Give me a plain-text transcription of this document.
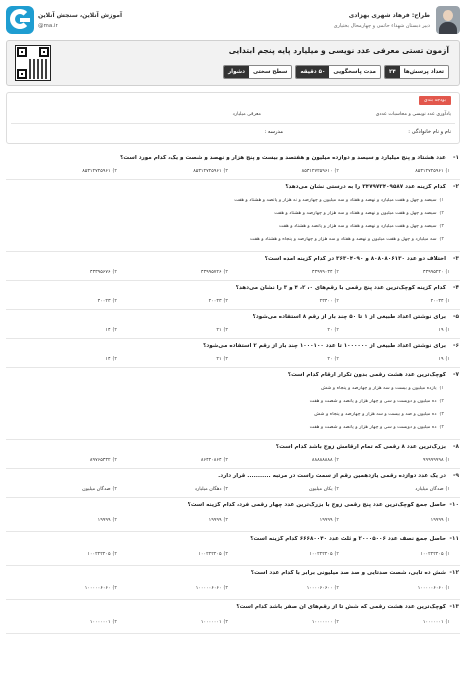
آموزش آنلاین، سنجش آنلاین
@ma.ir
طراح: فرهاد شهری بهزادی
دبیر دبستان شهداء حاتمی و چهارمحال بختیاری
آزمون تستی معرفی عدد نویسی و میلیارد پایه پنجم ابتدایی
تعداد پرسش‌ها
۲۴
مدت پاسخگویی
۵۰ دقیقه
سطح سختی
دشوار
بودجه بندی
یادآوری عدد نویسی و محاسبات عددی
معرفی میلیارد
نام و نام خانوادگی :
مدرسه :
۱-
عدد هشتاد و پنج میلیارد و سیصد و دوازده میلیون و هفتصد و بیست و پنج هزار و نهصد و شصت و یک، کدام مورد است؟
۱)۸۵۳۱۲۷۲۵۹۶۱
۲)۸۵۳۱۲۷۲۵۹۶۱۰
۳)۸۵۳۱۲۷۲۵۹۶۱
۴)۸۵۳۱۲۷۲۵۹۶۱
۲-
کدام گزینه عدد ۳۴۷۹۷۳۴۰۹۵۸۷ را به درستی نشان می‌دهد؟
۱)سیصد و چهل و هفت میلیارد و نهصد و هفتاد و سه میلیون و چهارصد و نه هزار و پانصد و هشتاد و هفت
۲)سیصد و چهل و هفت میلیون و نهصد و هفتاد و سه هزار و چهارصد و هشتاد و هفت
۳)سیصد و چهل و هفت میلیارد و نهصد و هفتاد و سه هزار و پانصد و هشتاد و هفت
۴)سه میلیارد و چهل و هفت میلیون و نهصد و هفتاد و سه هزار و چهارصد و پنجاه و هشتاد و هفت
۳-
اختلاف دو عدد ۸۰۸۰۸۰۶۱۳۰ و ۳۶۳۰۴۰۹۰ در کدام گزینه آمده است؟
۱)۴۳۹۹۵۲۴۰
۲)۴۳۹۹۹۰۳۴
۳)۴۳۹۹۵۷۲۶
۴)۴۳۳۹۵۶۷۶
۴-
کدام گزینه کوچک‌ترین عدد پنج رقمی با رقم‌های ۰، ۲، ۴ و ۳ را نشان می‌دهد؟
۱)۲۰۰۳۴
۲)۲۳۴۰۰
۳)۲۰۰۴۳
۴)۴۰۰۲۳
۵-
برای نوشتن اعداد طبیعی از ۱ تا ۵۰ چند بار از رقم ۸ استفاده می‌شود؟
۱)۱۹
۲)۲۰
۳)۲۱
۴)۱۴
۶-
برای نوشتن اعداد طبیعی از ۱۰۰۰۰۰۰ تا عدد ۱۰۰۰۱۰۰ چند بار از رقم ۲ استفاده می‌شود؟
۱)۱۹
۲)۲۰
۳)۲۱
۴)۱۴
۷-
کوچک‌ترین عدد هشت رقمی بدون تکرار ارقام کدام است؟
۱)یازده میلیون و بیست و سه هزار و چهارصد و پنجاه و شش
۲)ده میلیون و دویست و سی و چهار هزار و پانصد و شصت و هفت
۳)ده میلیون و صد و بیست و سه هزار و چهارصد و پنجاه و شش
۴)ده میلیون و دویست و سی و چهار هزار و پانصد و شصت و هفت
۸-
بزرگ‌ترین عدد ۸ رقمی که تمام ارقامش زوج باشد کدام است؟
۱)۹۹۹۹۹۹۹۸
۲)۸۸۸۸۸۸۸۸
۳)۸۶۴۲۰۸۶۴
۴)۸۹۷۶۵۴۳۲
۹-
در یک عدد دوازده رقمی یازدهمین رقم از سمت راست در مرتبه ........... قرار دارد.
۱)صدگان میلیارد
۲)یکان میلیون
۳)دهگان میلیارد
۴)صدگان میلیون
۱۰-
حاصل جمع کوچک‌ترین عدد پنج رقمی زوج با بزرگ‌ترین عدد چهار رقمی فرد، کدام گزینه است؟
۱)۱۹۹۹۹
۲)۱۹۹۹۹
۳)۱۹۹۹۹
۴)۱۹۹۹۹
۱۱-
حاصل جمع نصف عدد ۲۰۰۰۵۰۰۶ و ثلث عدد ۶۶۶۸۰۰۴۰ کدام گزینه است؟
۱)۱۰۰۲۲۲۲۰۵
۲)۱۰۰۲۲۲۲۰۵
۳)۱۰۰۲۲۲۲۰۵
۴)۱۰۰۲۲۲۲۰۵
۱۲-
شش ده تایی، شصت صدتایی و صد صد میلیونی برابر با کدام عدد است؟
۱)۱۰۰۰۰۰۶۰۶۰
۲)۱۰۰۰۰۶۰۶۰۰
۳)۱۰۰۰۰۰۶۰۶۰
۴)۱۰۰۰۰۰۶۰۶۰
۱۳-
کوچک‌ترین عدد هشت رقمی که شش تا از رقم‌های آن صفر باشد کدام است؟
۱)۱۰۰۰۰۰۰۱
۲)۱۰۰۰۰۰۰۰
۳)۱۰۰۰۰۰۰۱
۴)۱۰۰۰۰۰۰۱
